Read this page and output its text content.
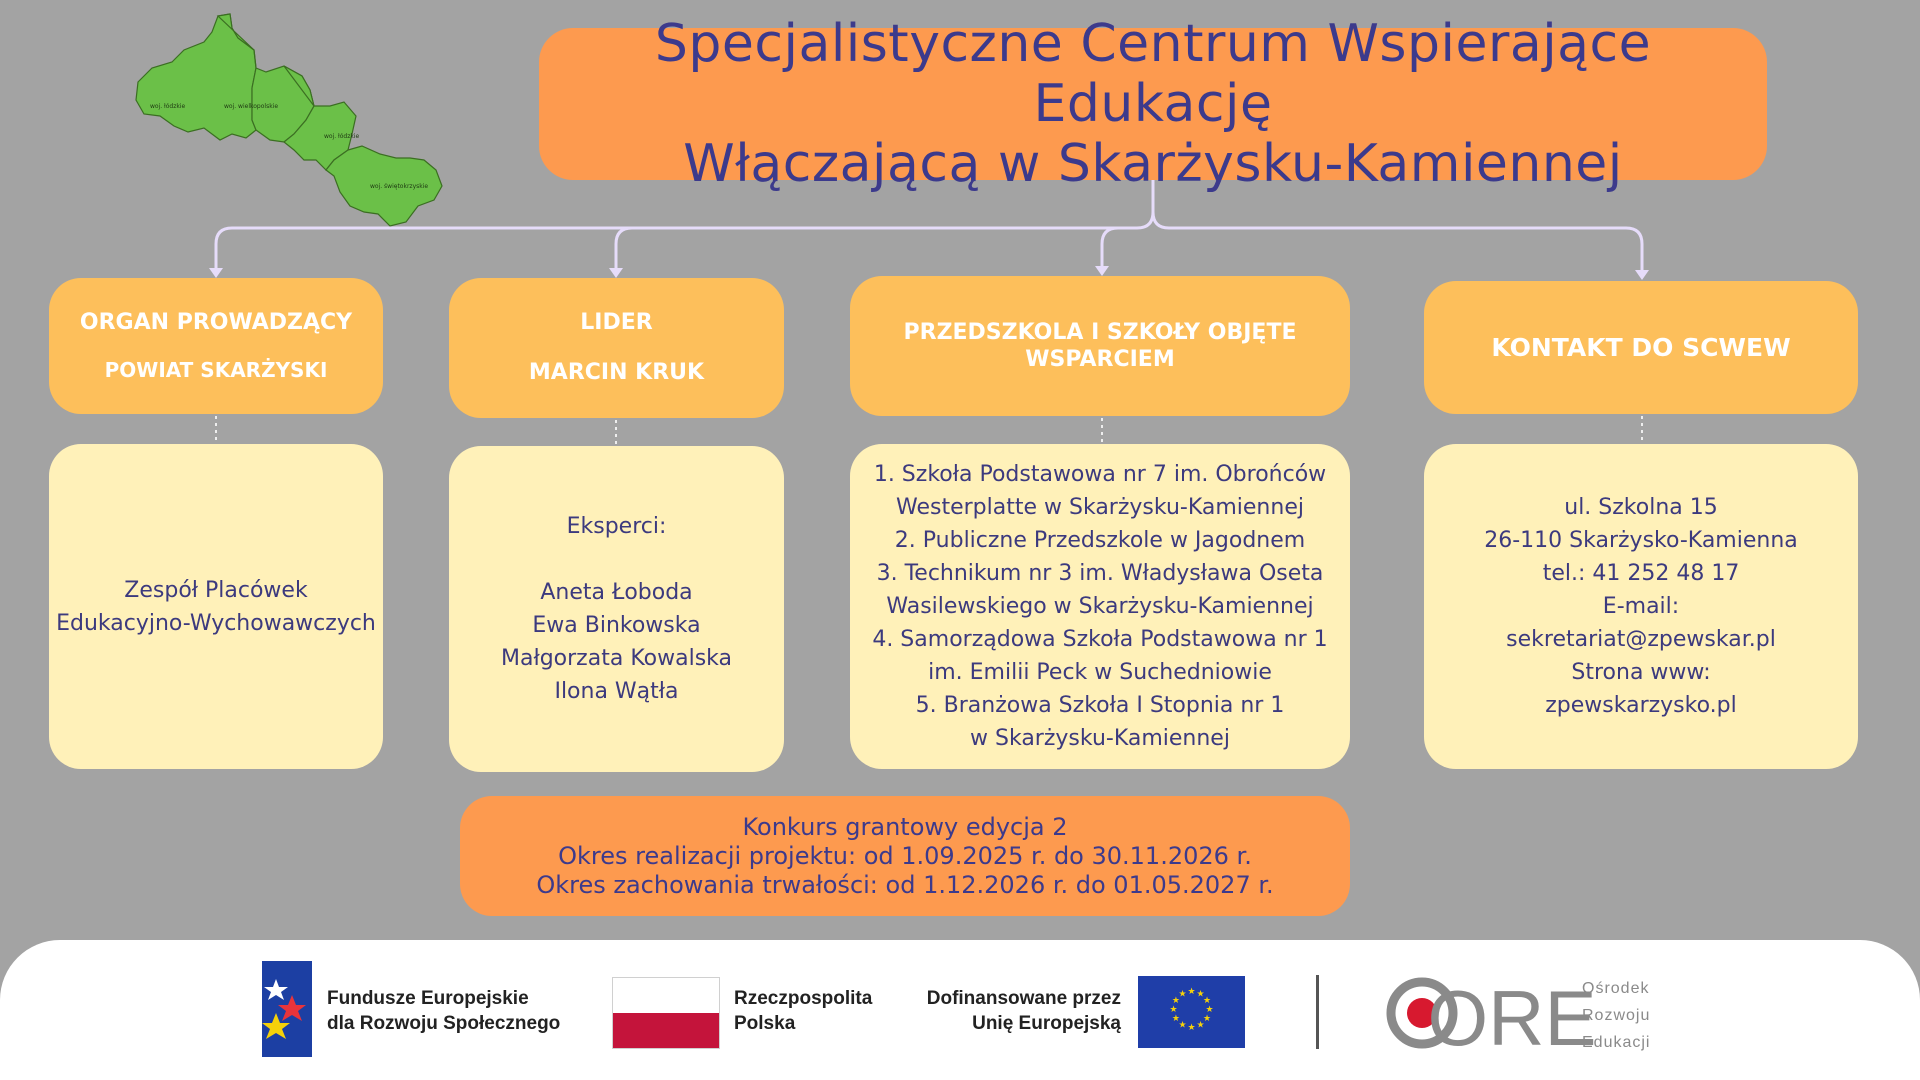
woj. łódzkie	woj. wielkopolskie
woj. łódzkie
woj. świętokrzyskie
Specjalistyczne Centrum Wspierające Edukację
Włączającą w Skarżysku-Kamiennej
ORGAN PROWADZĄCY
POWIAT SKARŻYSKI
Zespół Placówek
Edukacyjno-Wychowawczych
LIDER
MARCIN KRUK
Eksperci:
Aneta Łoboda
Ewa Binkowska
Małgorzata Kowalska
Ilona Wątła
PRZEDSZKOLA I SZKOŁY OBJĘTE
WSPARCIEM
1. Szkoła Podstawowa nr 7 im. Obrońców
Westerplatte w Skarżysku-Kamiennej
2. Publiczne Przedszkole w Jagodnem
3. Technikum nr 3 im. Władysława Oseta
Wasilewskiego w Skarżysku-Kamiennej
4. Samorządowa Szkoła Podstawowa nr 1
im. Emilii Peck w Suchedniowie
5. Branżowa Szkoła I Stopnia nr 1
w Skarżysku-Kamiennej
KONTAKT DO SCWEW
ul. Szkolna 15
26-110 Skarżysko-Kamienna
tel.: 41 252 48 17
E-mail:
sekretariat@zpewskar.pl
Strona www:
zpewskarzysko.pl
Konkurs grantowy edycja 2
Okres realizacji projektu: od 1.09.2025 r. do 30.11.2026 r.
Okres zachowania trwałości: od 1.12.2026 r. do 01.05.2027 r.
Fundusze Europejskie
dla Rozwoju Społecznego
Rzeczpospolita
Polska
Dofinansowane przez
Unię Europejską
★ ★
★
★
★
★
★
★
★
★
★
★	ORE
Ośrodek
Rozwoju
Edukacji
